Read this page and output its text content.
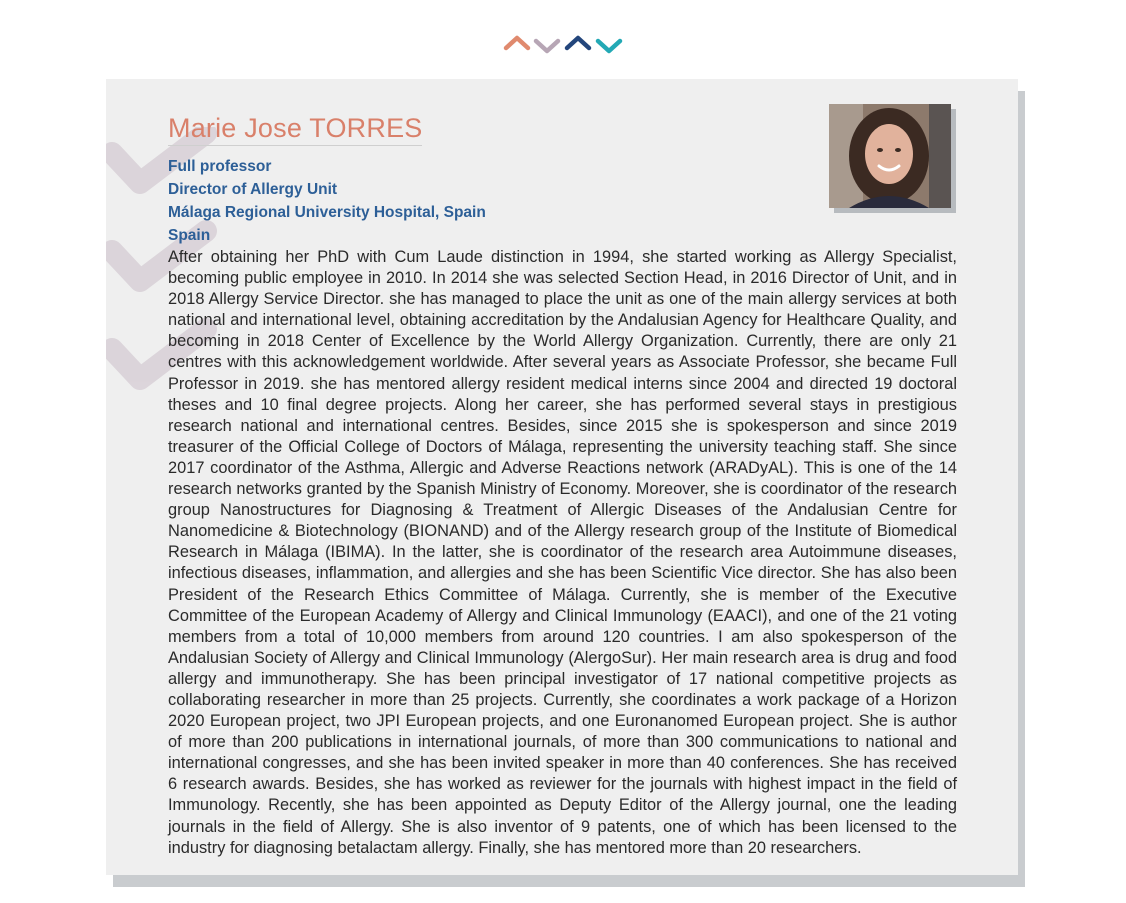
Marie Jose TORRES
Full professor
Director of Allergy Unit
Málaga Regional University Hospital, Spain
Spain

After obtaining her PhD with Cum Laude distinction in 1994, she started working as Allergy Specialist, becoming public employee in 2010. In 2014 she was selected Section Head, in 2016 Director of Unit, and in 2018 Allergy Service Director. she has managed to place the unit as one of the main allergy services at both national and international level, obtaining accreditation by the Andalusian Agency for Healthcare Quality, and becoming in 2018 Center of Excellence by the World Allergy Organization. Currently, there are only 21 centres with this acknowledgement worldwide. After several years as Associate Professor, she became Full Professor in 2019. she has mentored allergy resident medical interns since 2004 and directed 19 doctoral theses and 10 final degree projects. Along her career, she has performed several stays in prestigious research national and international centres. Besides, since 2015 she is spokesperson and since 2019 treasurer of the Official College of Doctors of Málaga, representing the university teaching staff. She since 2017 coordinator of the Asthma, Allergic and Adverse Reactions network (ARADyAL). This is one of the 14 research networks granted by the Spanish Ministry of Economy. Moreover, she is coordinator of the research group Nanostructures for Diagnosing & Treatment of Allergic Diseases of the Andalusian Centre for Nanomedicine & Biotechnology (BIONAND) and of the Allergy research group of the Institute of Biomedical Research in Málaga (IBIMA). In the latter, she is coordinator of the research area Autoimmune diseases, infectious diseases, inflammation, and allergies and she has been Scientific Vice director. She has also been President of the Research Ethics Committee of Málaga. Currently, she is member of the Executive Committee of the European Academy of Allergy and Clinical Immunology (EAACI), and one of the 21 voting members from a total of 10,000 members from around 120 countries. I am also spokesperson of the Andalusian Society of Allergy and Clinical Immunology (AlergoSur). Her main research area is drug and food allergy and immunotherapy. She has been principal investigator of 17 national competitive projects as collaborating researcher in more than 25 projects. Currently, she coordinates a work package of a Horizon 2020 European project, two JPI European projects, and one Euronanomed European project. She is author of more than 200 publications in international journals, of more than 300 communications to national and international congresses, and she has been invited speaker in more than 40 conferences. She has received 6 research awards. Besides, she has worked as reviewer for the journals with highest impact in the field of Immunology. Recently, she has been appointed as Deputy Editor of the Allergy journal, one the leading journals in the field of Allergy. She is also inventor of 9 patents, one of which has been licensed to the industry for diagnosing betalactam allergy. Finally, she has mentored more than 20 researchers.
